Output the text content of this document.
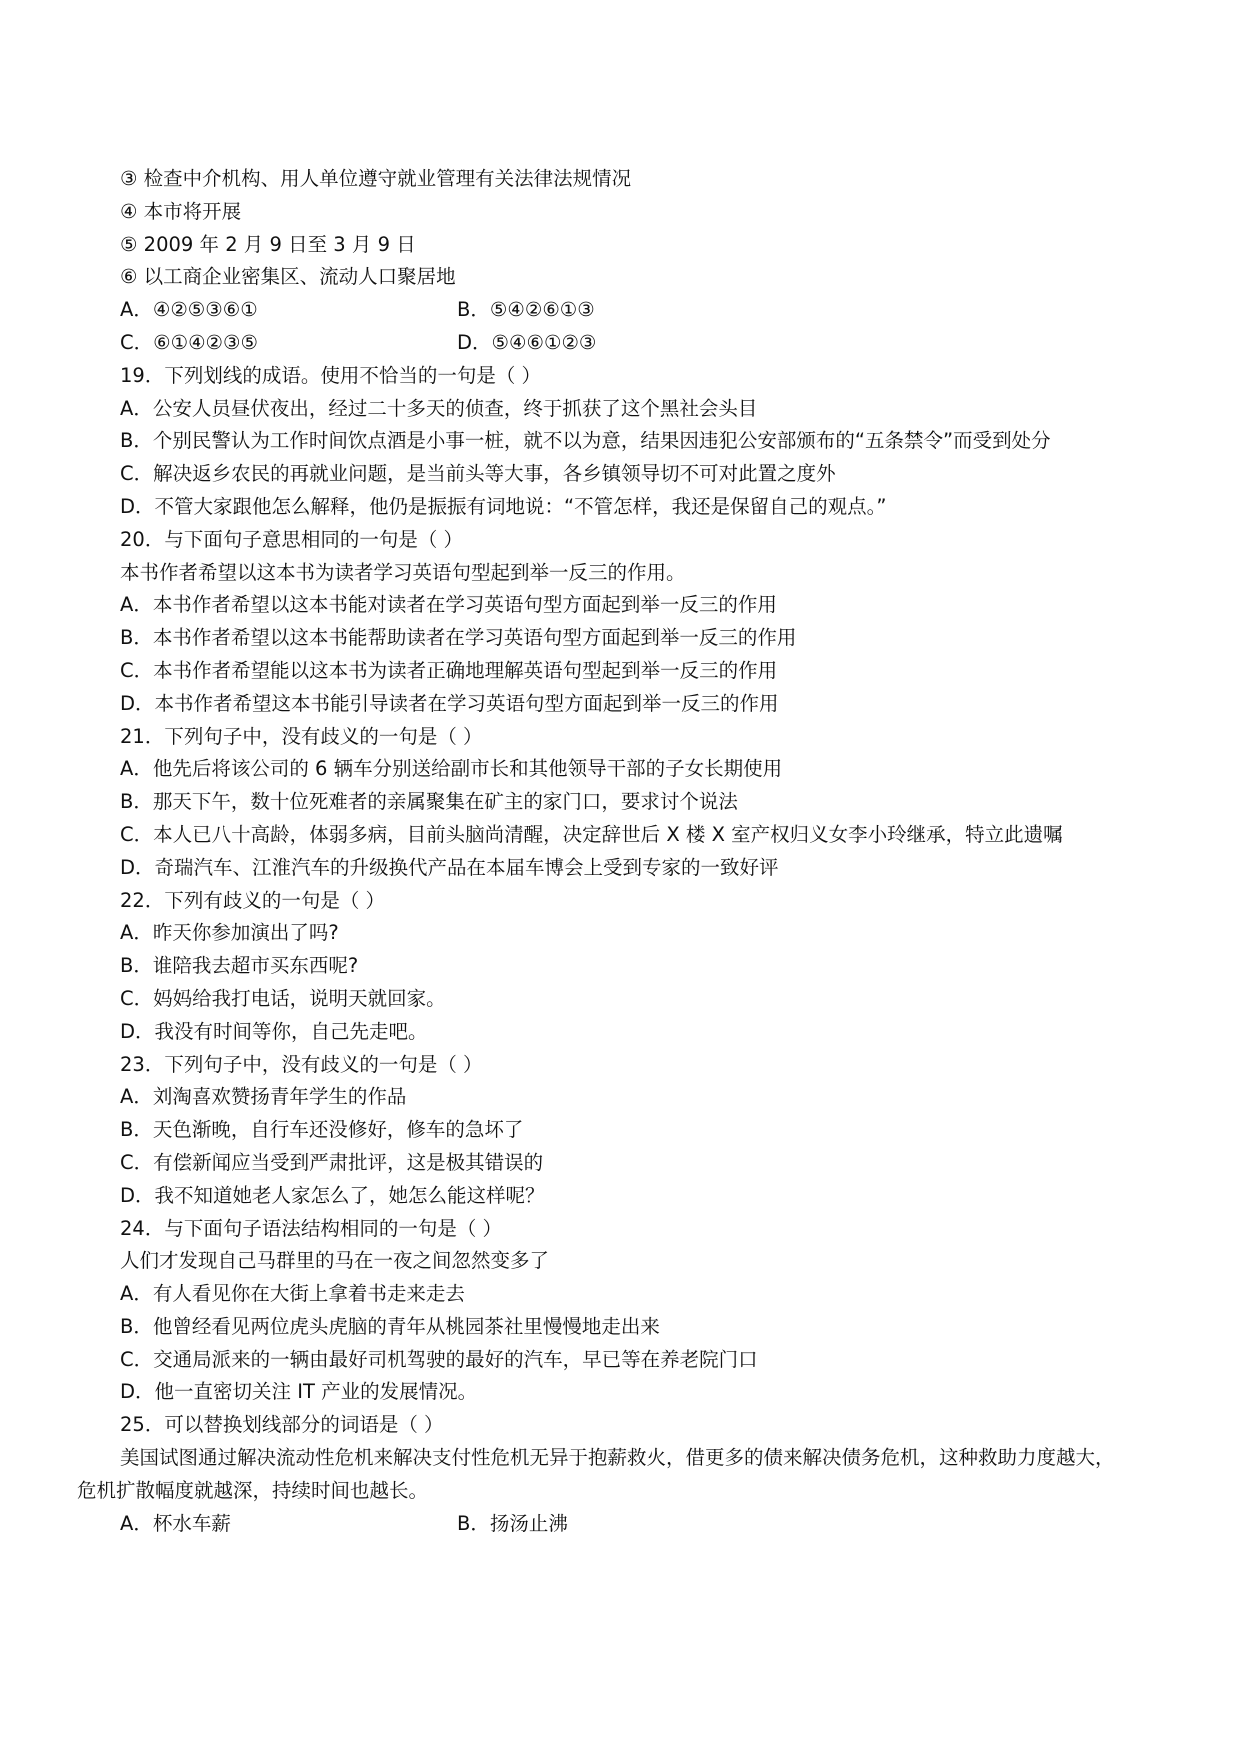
③ 检查中介机构、用人单位遵守就业管理有关法律法规情况
④ 本市将开展
⑤ 2009 年 2 月 9 日至 3 月 9 日
⑥ 以工商企业密集区、流动人口聚居地
A．④②⑤③⑥①	B．⑤④②⑥①③
C．⑥①④②③⑤	D．⑤④⑥①②③
19．下列划线的成语。使用不恰当的一句是（ ）
A．公安人员昼伏夜出，经过二十多天的侦查，终于抓获了这个黑社会头目
B．个别民警认为工作时间饮点酒是小事一桩，就不以为意，结果因违犯公安部颁布的“五条禁令”而受到处分
C．解决返乡农民的再就业问题，是当前头等大事，各乡镇领导切不可对此置之度外
D．不管大家跟他怎么解释，他仍是振振有词地说：“不管怎样，我还是保留自己的观点。”
20．与下面句子意思相同的一句是（ ）
本书作者希望以这本书为读者学习英语句型起到举一反三的作用。
A．本书作者希望以这本书能对读者在学习英语句型方面起到举一反三的作用
B．本书作者希望以这本书能帮助读者在学习英语句型方面起到举一反三的作用
C．本书作者希望能以这本书为读者正确地理解英语句型起到举一反三的作用
D．本书作者希望这本书能引导读者在学习英语句型方面起到举一反三的作用
21．下列句子中，没有歧义的一句是（ ）
A．他先后将该公司的 6 辆车分别送给副市长和其他领导干部的子女长期使用
B．那天下午，数十位死难者的亲属聚集在矿主的家门口，要求讨个说法
C．本人已八十高龄，体弱多病，目前头脑尚清醒，决定辞世后 X 楼 X 室产权归义女李小玲继承，特立此遗嘱
D．奇瑞汽车、江淮汽车的升级换代产品在本届车博会上受到专家的一致好评
22．下列有歧义的一句是（ ）
A．昨天你参加演出了吗?
B．谁陪我去超市买东西呢?
C．妈妈给我打电话，说明天就回家。
D．我没有时间等你，自己先走吧。
23．下列句子中，没有歧义的一句是（ ）
A．刘淘喜欢赞扬青年学生的作品
B．天色渐晚，自行车还没修好，修车的急坏了
C．有偿新闻应当受到严肃批评，这是极其错误的
D．我不知道她老人家怎么了，她怎么能这样呢？
24．与下面句子语法结构相同的一句是（ ）
人们才发现自己马群里的马在一夜之间忽然变多了
A．有人看见你在大街上拿着书走来走去
B．他曾经看见两位虎头虎脑的青年从桃园茶社里慢慢地走出来
C．交通局派来的一辆由最好司机驾驶的最好的汽车，早已等在养老院门口
D．他一直密切关注 IT 产业的发展情况。
25．可以替换划线部分的词语是（ ）
美国试图通过解决流动性危机来解决支付性危机无异于抱薪救火，借更多的债来解决债务危机，这种救助力度越大，危机扩散幅度就越深，持续时间也越长。
A．杯水车薪	B．扬汤止沸
